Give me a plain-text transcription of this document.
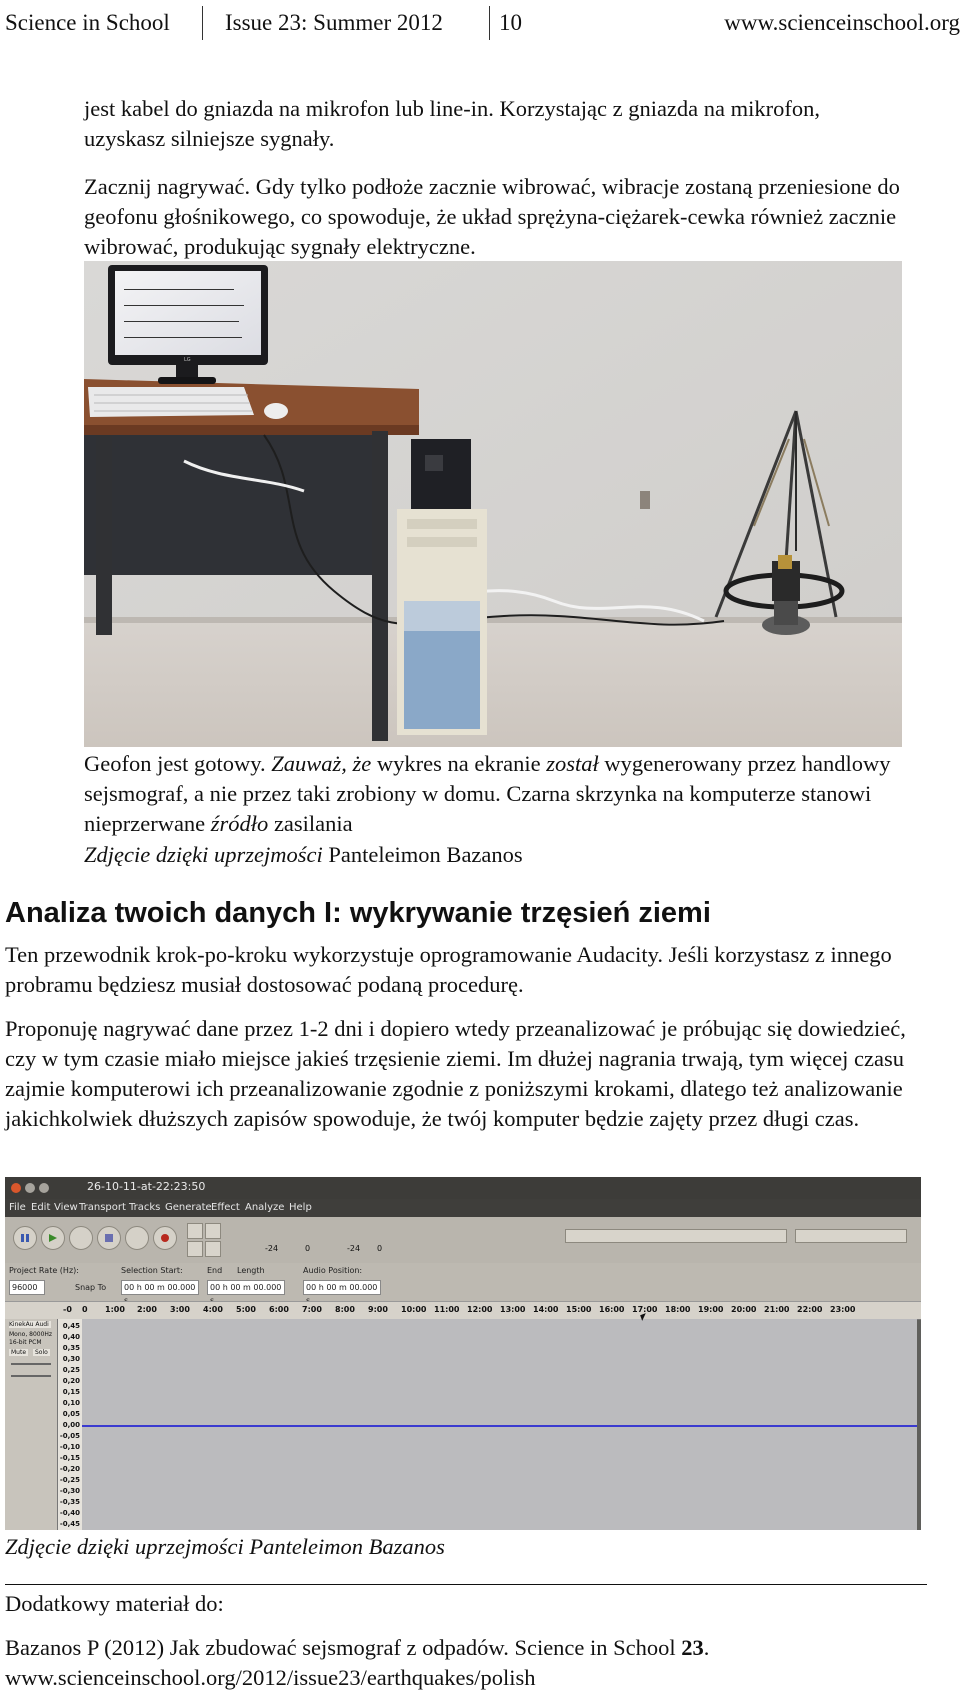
Science in School Issue 23: Summer 2012 10	www.scienceinschool.org

jest kabel do gniazda na mikrofon lub line-in. Korzystając z gniazda na mikrofon, uzyskasz silniejsze sygnały.

Zacznij nagrywać. Gdy tylko podłoże zacznie wibrować, wibracje zostaną przeniesione do geofonu głośnikowego, co spowoduje, że układ sprężyna-ciężarek-cewka również zacznie wibrować, produkując sygnały elektryczne.

LG

Geofon jest gotowy. Zauważ, że wykres na ekranie został wygenerowany przez handlowy sejsmograf, a nie przez taki zrobiony w domu. Czarna skrzynka na komputerze stanowi nieprzerwane źródło zasilania

Zdjęcie dzięki uprzejmości Panteleimon Bazanos

Analiza twoich danych I: wykrywanie trzęsień ziemi

Ten przewodnik krok-po-kroku wykorzystuje oprogramowanie Audacity. Jeśli korzystasz z innego probramu będziesz musiał dostosować podaną procedurę.

Proponuję nagrywać dane przez 1-2 dni i dopiero wtedy przeanalizować je próbując się dowiedzieć, czy w tym czasie miało miejsce jakieś trzęsienie ziemi. Im dłużej nagrania trwają, tym więcej czasu zajmie komputerowi ich przeanalizowanie zgodnie z poniższymi krokami, dlatego też analizowanie jakichkolwiek dłuższych zapisów spowoduje, że twój komputer będzie zajęty przez długi czas.

26-10-11-at-22:23:50
File Edit View Transport Tracks Generate Effect Analyze Help
-24	0	-24 0
Project Rate (Hz):
96000	Snap To
Selection Start:
00 h 00 m 00.000
End Length
00 h 00 m 00.000
Audio Position:
00 h 00 m 00.000
-0 0 1:00 2:00 3:00 4:00 5:00 6:00 7:00 8:00 9:00 10:00 11:00 12:00 13:00 14:00 15:00 16:00 17:00 18:00 19:00 20:00 21:00 22:00 23:00
KinekAu Audi
Mono, 8000Hz
16-bit PCM
Mute	Solo
0,45
0,40
0,35
0,30
0,25
0,20
0,15
0,10
0,05
0,00
-0,05
-0,10
-0,15
-0,20
-0,25
-0,30
-0,35
-0,40
-0,45

Zdjęcie dzięki uprzejmości Panteleimon Bazanos

Dodatkowy materiał do:

Bazanos P (2012) Jak zbudować sejsmograf z odpadów. Science in School 23.

www.scienceinschool.org/2012/issue23/earthquakes/polish
